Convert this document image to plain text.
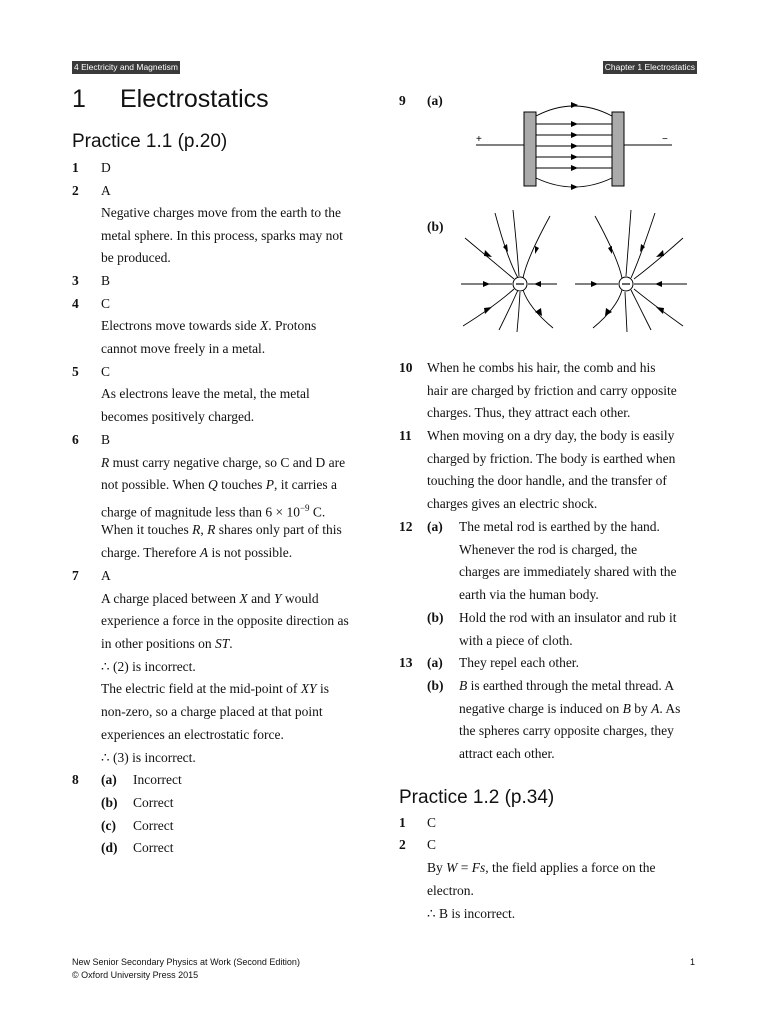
4 Electricity and Magnetism	Chapter 1 Electrostatics
1 Electrostatics
Practice 1.1 (p.20)
1 D
2 A
Negative charges move from the earth to the
metal sphere. In this process, sparks may not
be produced.
3 B
4 C
Electrons move towards side X. Protons
cannot move freely in a metal.
5 C
As electrons leave the metal, the metal
becomes positively charged.
6 B
R must carry negative charge, so C and D are
not possible. When Q touches P, it carries a
charge of magnitude less than $6 \times 10^{-9}$ C.
When it touches R, R shares only part of this
charge. Therefore A is not possible.
7 A
A charge placed between X and Y would
experience a force in the opposite direction as
in other positions on ST.
∴ (2) is incorrect.
The electric field at the mid-point of XY is
non-zero, so a charge placed at that point
experiences an electrostatic force.
∴ (3) is incorrect.
8 (a) Incorrect
(b) Correct
(c) Correct
(d) Correct
9 (a)
+	−
(b)
10 When he combs his hair, the comb and his
hair are charged by friction and carry opposite
charges. Thus, they attract each other.
11 When moving on a dry day, the body is easily
charged by friction. The body is earthed when
touching the door handle, and the transfer of
charges gives an electric shock.
12 (a) The metal rod is earthed by the hand.
Whenever the rod is charged, the
charges are immediately shared with the
earth via the human body.
(b) Hold the rod with an insulator and rub it
with a piece of cloth.
13 (a) They repel each other.
(b) B is earthed through the metal thread. A
negative charge is induced on B by A. As
the spheres carry opposite charges, they
attract each other.
Practice 1.2 (p.34)
1 C
2 C
By W = Fs, the field applies a force on the
electron.
∴ B is incorrect.
New Senior Secondary Physics at Work (Second Edition)
© Oxford University Press 2015
1
